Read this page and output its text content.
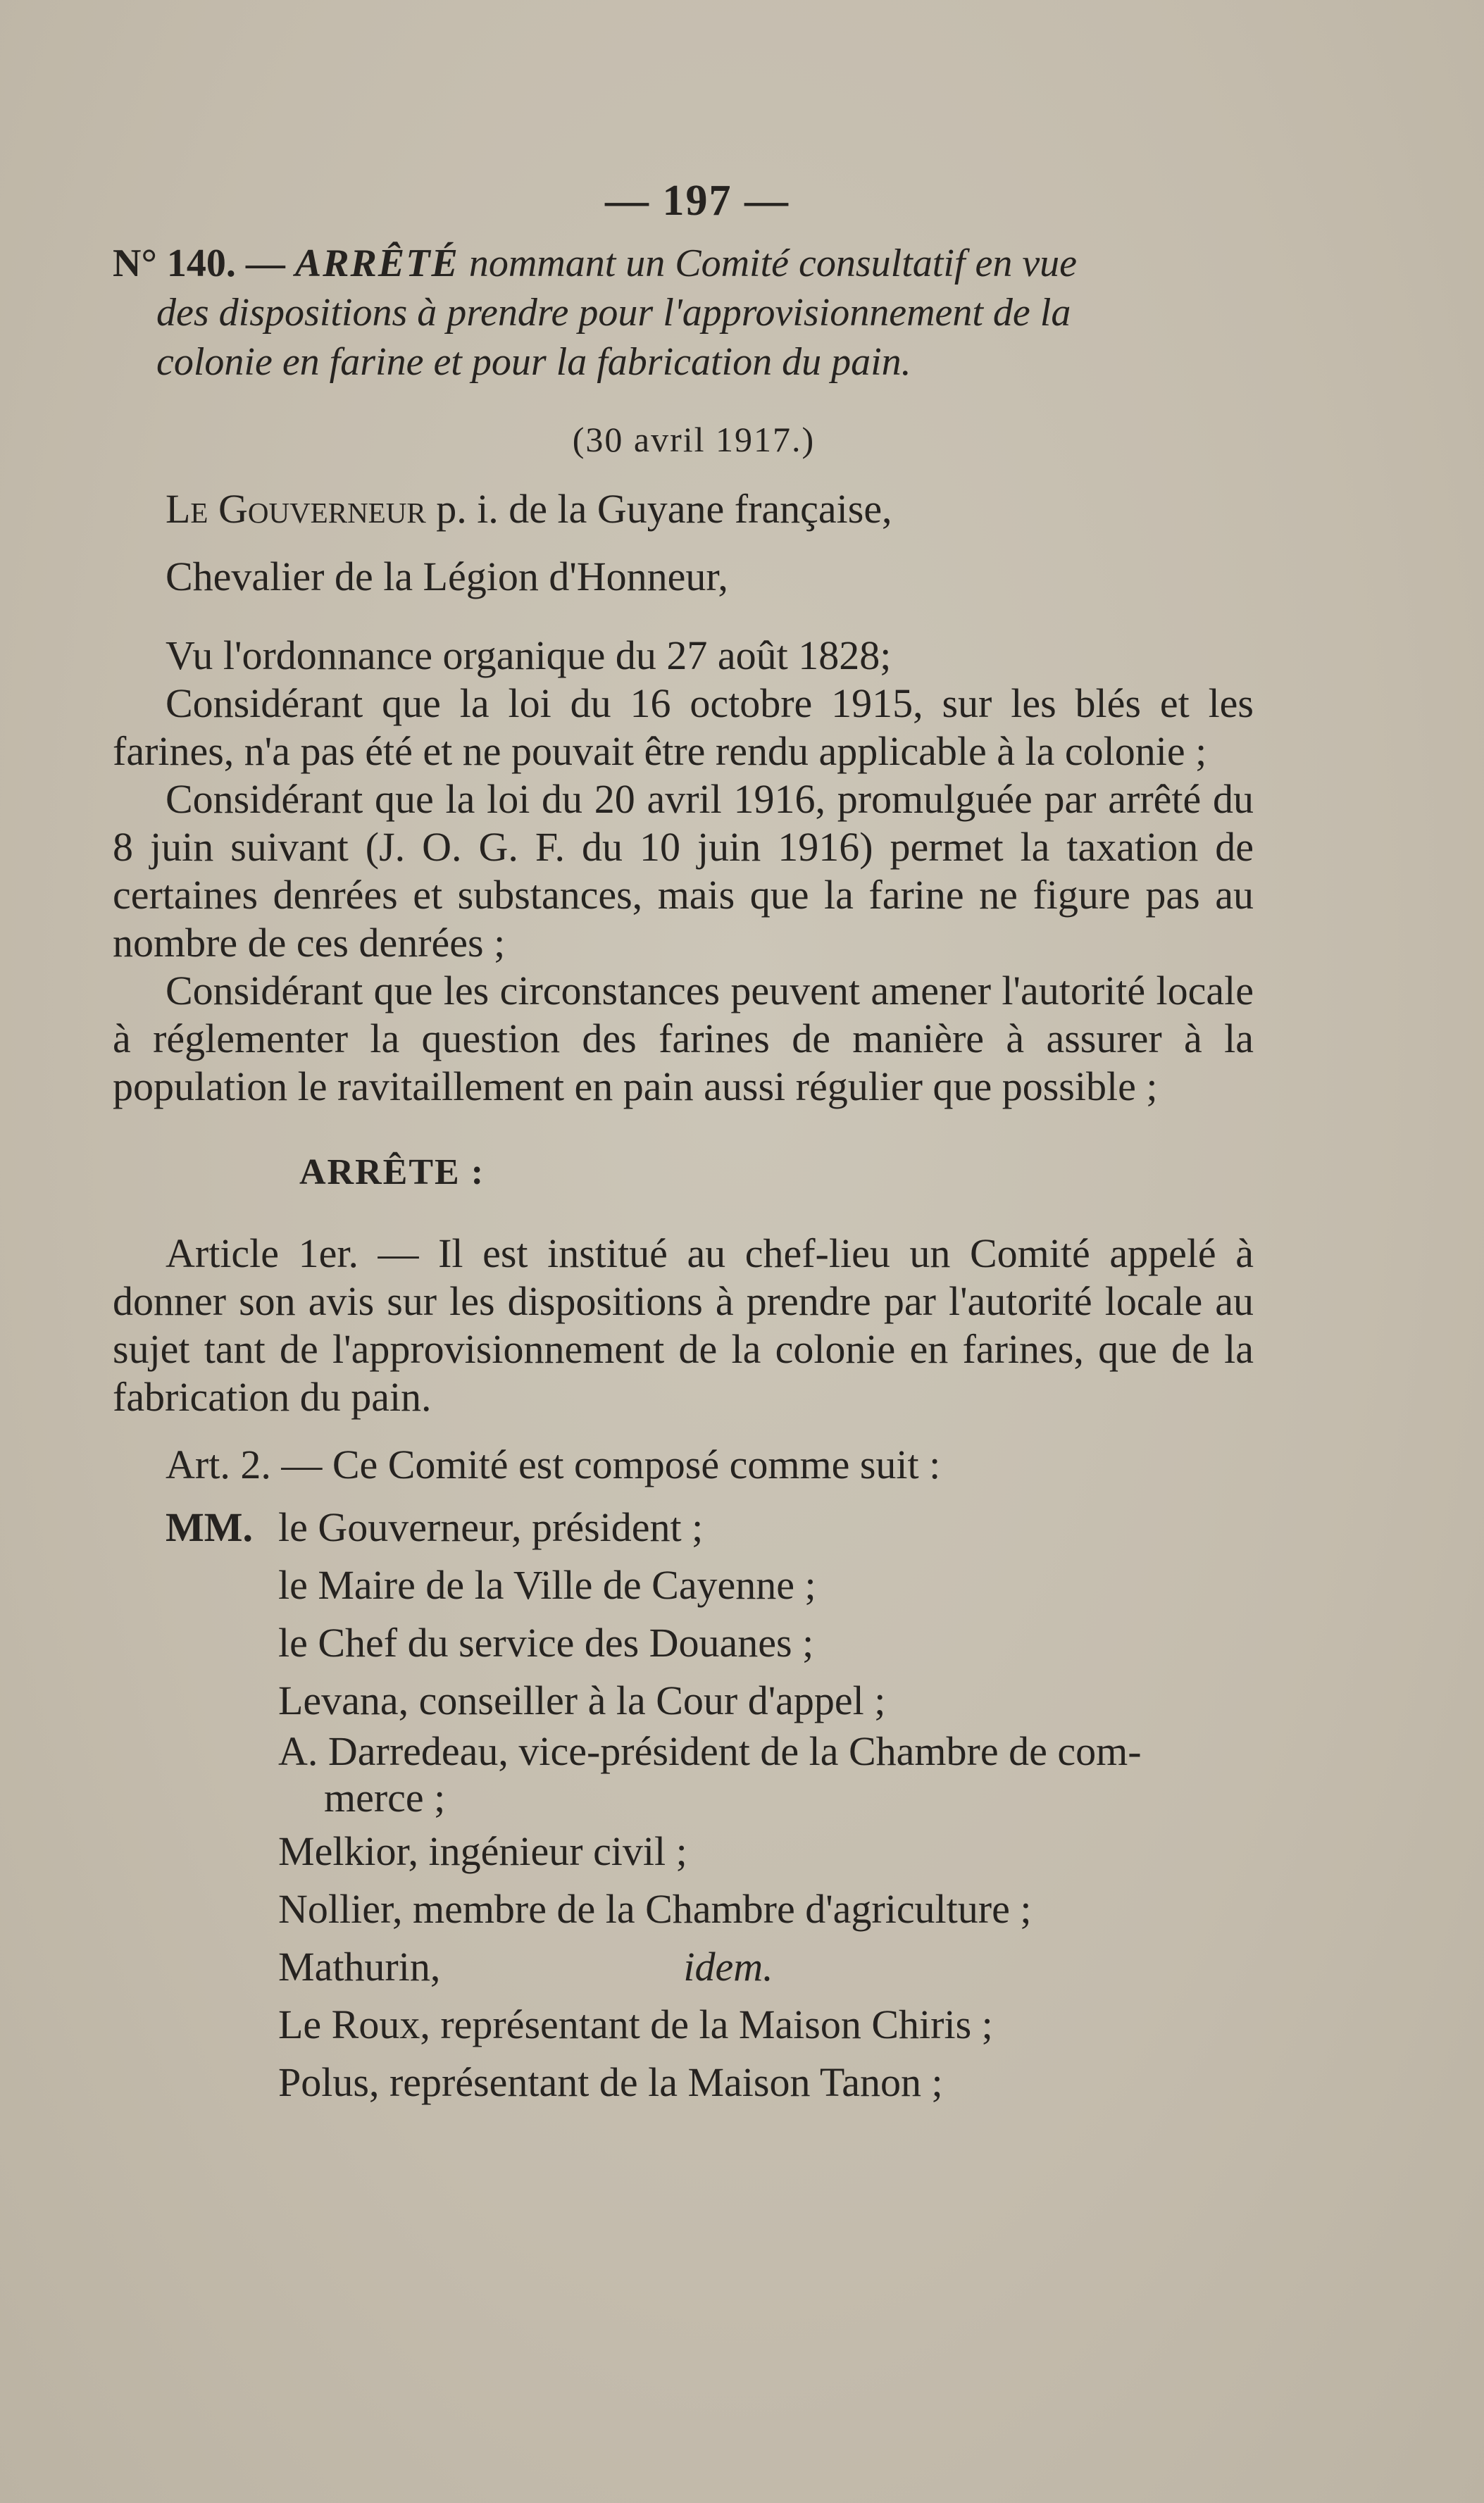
— 197 —
N° 140. — ARRÊTÉ nommant un Comité consultatif en vue
des dispositions à prendre pour l'approvisionnement de la
colonie en farine et pour la fabrication du pain.
(30 avril 1917.)

Le Gouverneur p. i. de la Guyane française,

Chevalier de la Légion d'Honneur,

Vu l'ordonnance organique du 27 août 1828;

Considérant que la loi du 16 octobre 1915, sur les blés et les farines, n'a pas été et ne pouvait être rendu applicable à la colonie ;

Considérant que la loi du 20 avril 1916, promulguée par arrêté du 8 juin suivant (J. O. G. F. du 10 juin 1916) permet la taxation de certaines denrées et substances, mais que la farine ne figure pas au nombre de ces denrées ;

Considérant que les circonstances peuvent amener l'autorité locale à réglementer la question des farines de manière à assurer à la population le ravitaillement en pain aussi régulier que possible ;

ARRÊTE :

Article 1er. — Il est institué au chef-lieu un Comité appelé à donner son avis sur les dispositions à prendre par l'autorité locale au sujet tant de l'approvisionnement de la colonie en farines, que de la fabrication du pain.

Art. 2. — Ce Comité est composé comme suit :

MM. le Gouverneur, président ;
le Maire de la Ville de Cayenne ;
le Chef du service des Douanes ;
Levana, conseiller à la Cour d'appel ;
A. Darredeau, vice-président de la Chambre de com-
merce ;
Melkior, ingénieur civil ;
Nollier, membre de la Chambre d'agriculture ;
Mathurin,	idem.
Le Roux, représentant de la Maison Chiris ;
Polus, représentant de la Maison Tanon ;
